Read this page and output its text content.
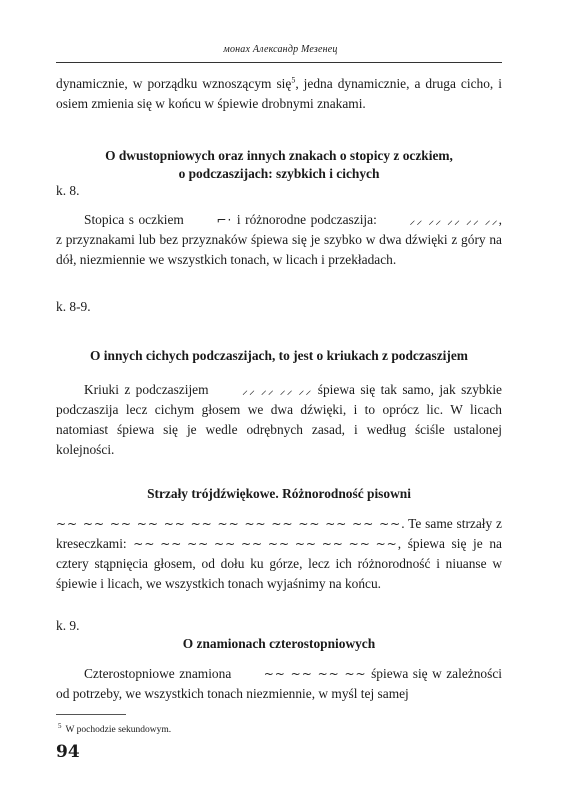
монах Александр Мезенец

dynamicznie, w porządku wznoszącym się$^5$, jedna dynamicznie, a druga cicho, i osiem zmienia się w końcu w śpiewie drobnymi znakami.

O dwustopniowych oraz innych znakach o stopicy z oczkiem,

o podczaszijach: szybkich i cichych

k. 8.

Stopica s oczkiem ⌐· i różnorodne podczaszija: ⸝⸝ ⸝⸝ ⸝⸝ ⸝⸝ ⸝⸝, z przyznakami lub bez przyznaków śpiewa się je szybko w dwa dźwięki z góry na dół, niezmiennie we wszystkich tonach, w licach i przekładach.

k. 8-9.

O innych cichych podczaszijach, to jest o kriukach z podczaszijem

Kriuki z podczaszijem ⸝⸝ ⸝⸝ ⸝⸝ ⸝⸝ śpiewa się tak samo, jak szybkie podczaszija lecz cichym głosem we dwa dźwięki, i to oprócz lic. W licach natomiast śpiewa się je wedle odrębnych zasad, i według ściśle ustalonej kolejności.

Strzały trójdźwiękowe. Różnorodność pisowni

~~ ~~ ~~ ~~ ~~ ~~ ~~ ~~ ~~ ~~ ~~ ~~ ~~. Te same strzały z kreseczkami: ~~ ~~ ~~ ~~ ~~ ~~ ~~ ~~ ~~ ~~, śpiewa się je na cztery stąpnięcia głosem, od dołu ku górze, lecz ich różnorodność i niuanse w śpiewie i licach, we wszystkich tonach wyjaśnimy na końcu.

k. 9.

O znamionach czterostopniowych

Czterostopniowe znamiona ~~ ~~ ~~ ~~ śpiewa się w zależności od potrzeby, we wszystkich tonach niezmiennie, w myśl tej samej

$^5$ W pochodzie sekundowym.
94
